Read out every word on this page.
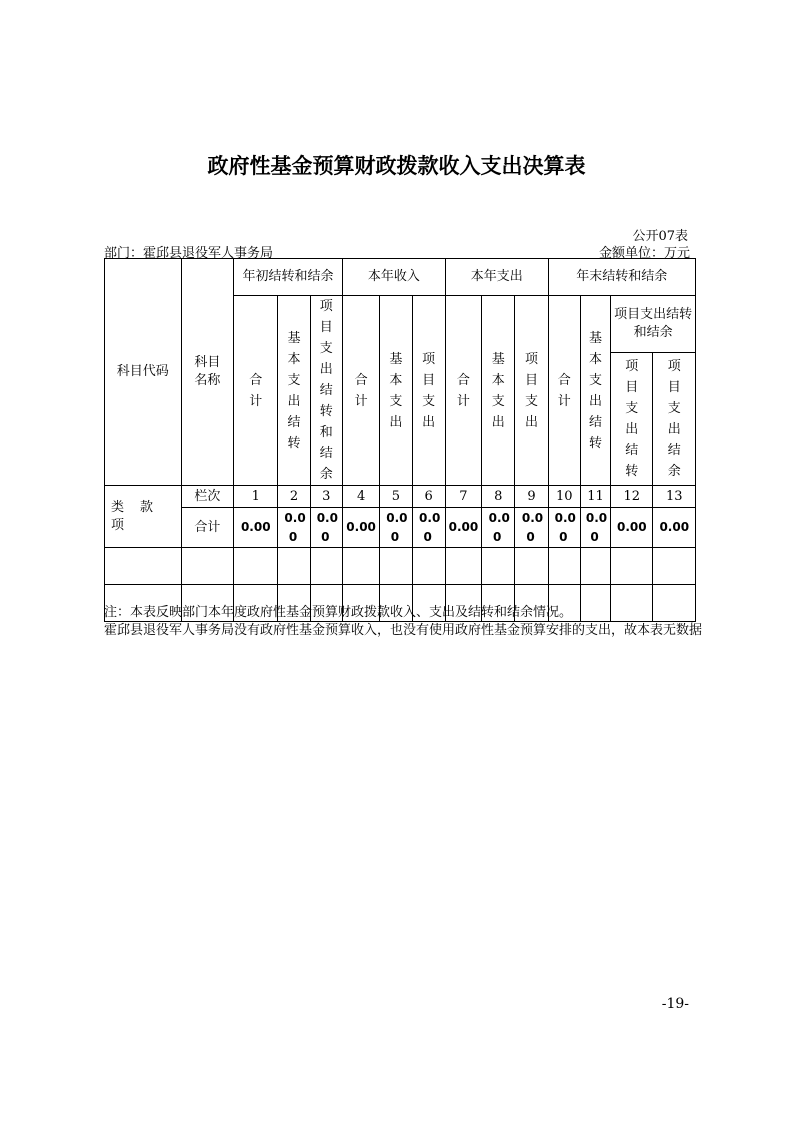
政府性基金预算财政拨款收入支出决算表
公开07表
部门：霍邱县退役军人事务局	金额单位：万元
科目代码	科目名称	年初结转和结余			本年收入			本年支出			年末结转和结余			
		合计	基本支出结转	项目支出结转和结余	合计	基本支出	项目支出	合计	基本支出	项目支出	合计	基本支出结转	项目支出结转和结余	
													项目支出结转	项目支出结余

类 款项	栏次	1	2	3	4	5	6	7	8	9	10	11	12	13
	合计	0.00	0.00	0.00	0.00	0.00	0.00	0.00	0.00	0.00	0.00	0.00	0.00	0.00

注：本表反映部门本年度政府性基金预算财政拨款收入、支出及结转和结余情况。
霍邱县退役军人事务局没有政府性基金预算收入，也没有使用政府性基金预算安排的支出，故本表无数据
-19-
